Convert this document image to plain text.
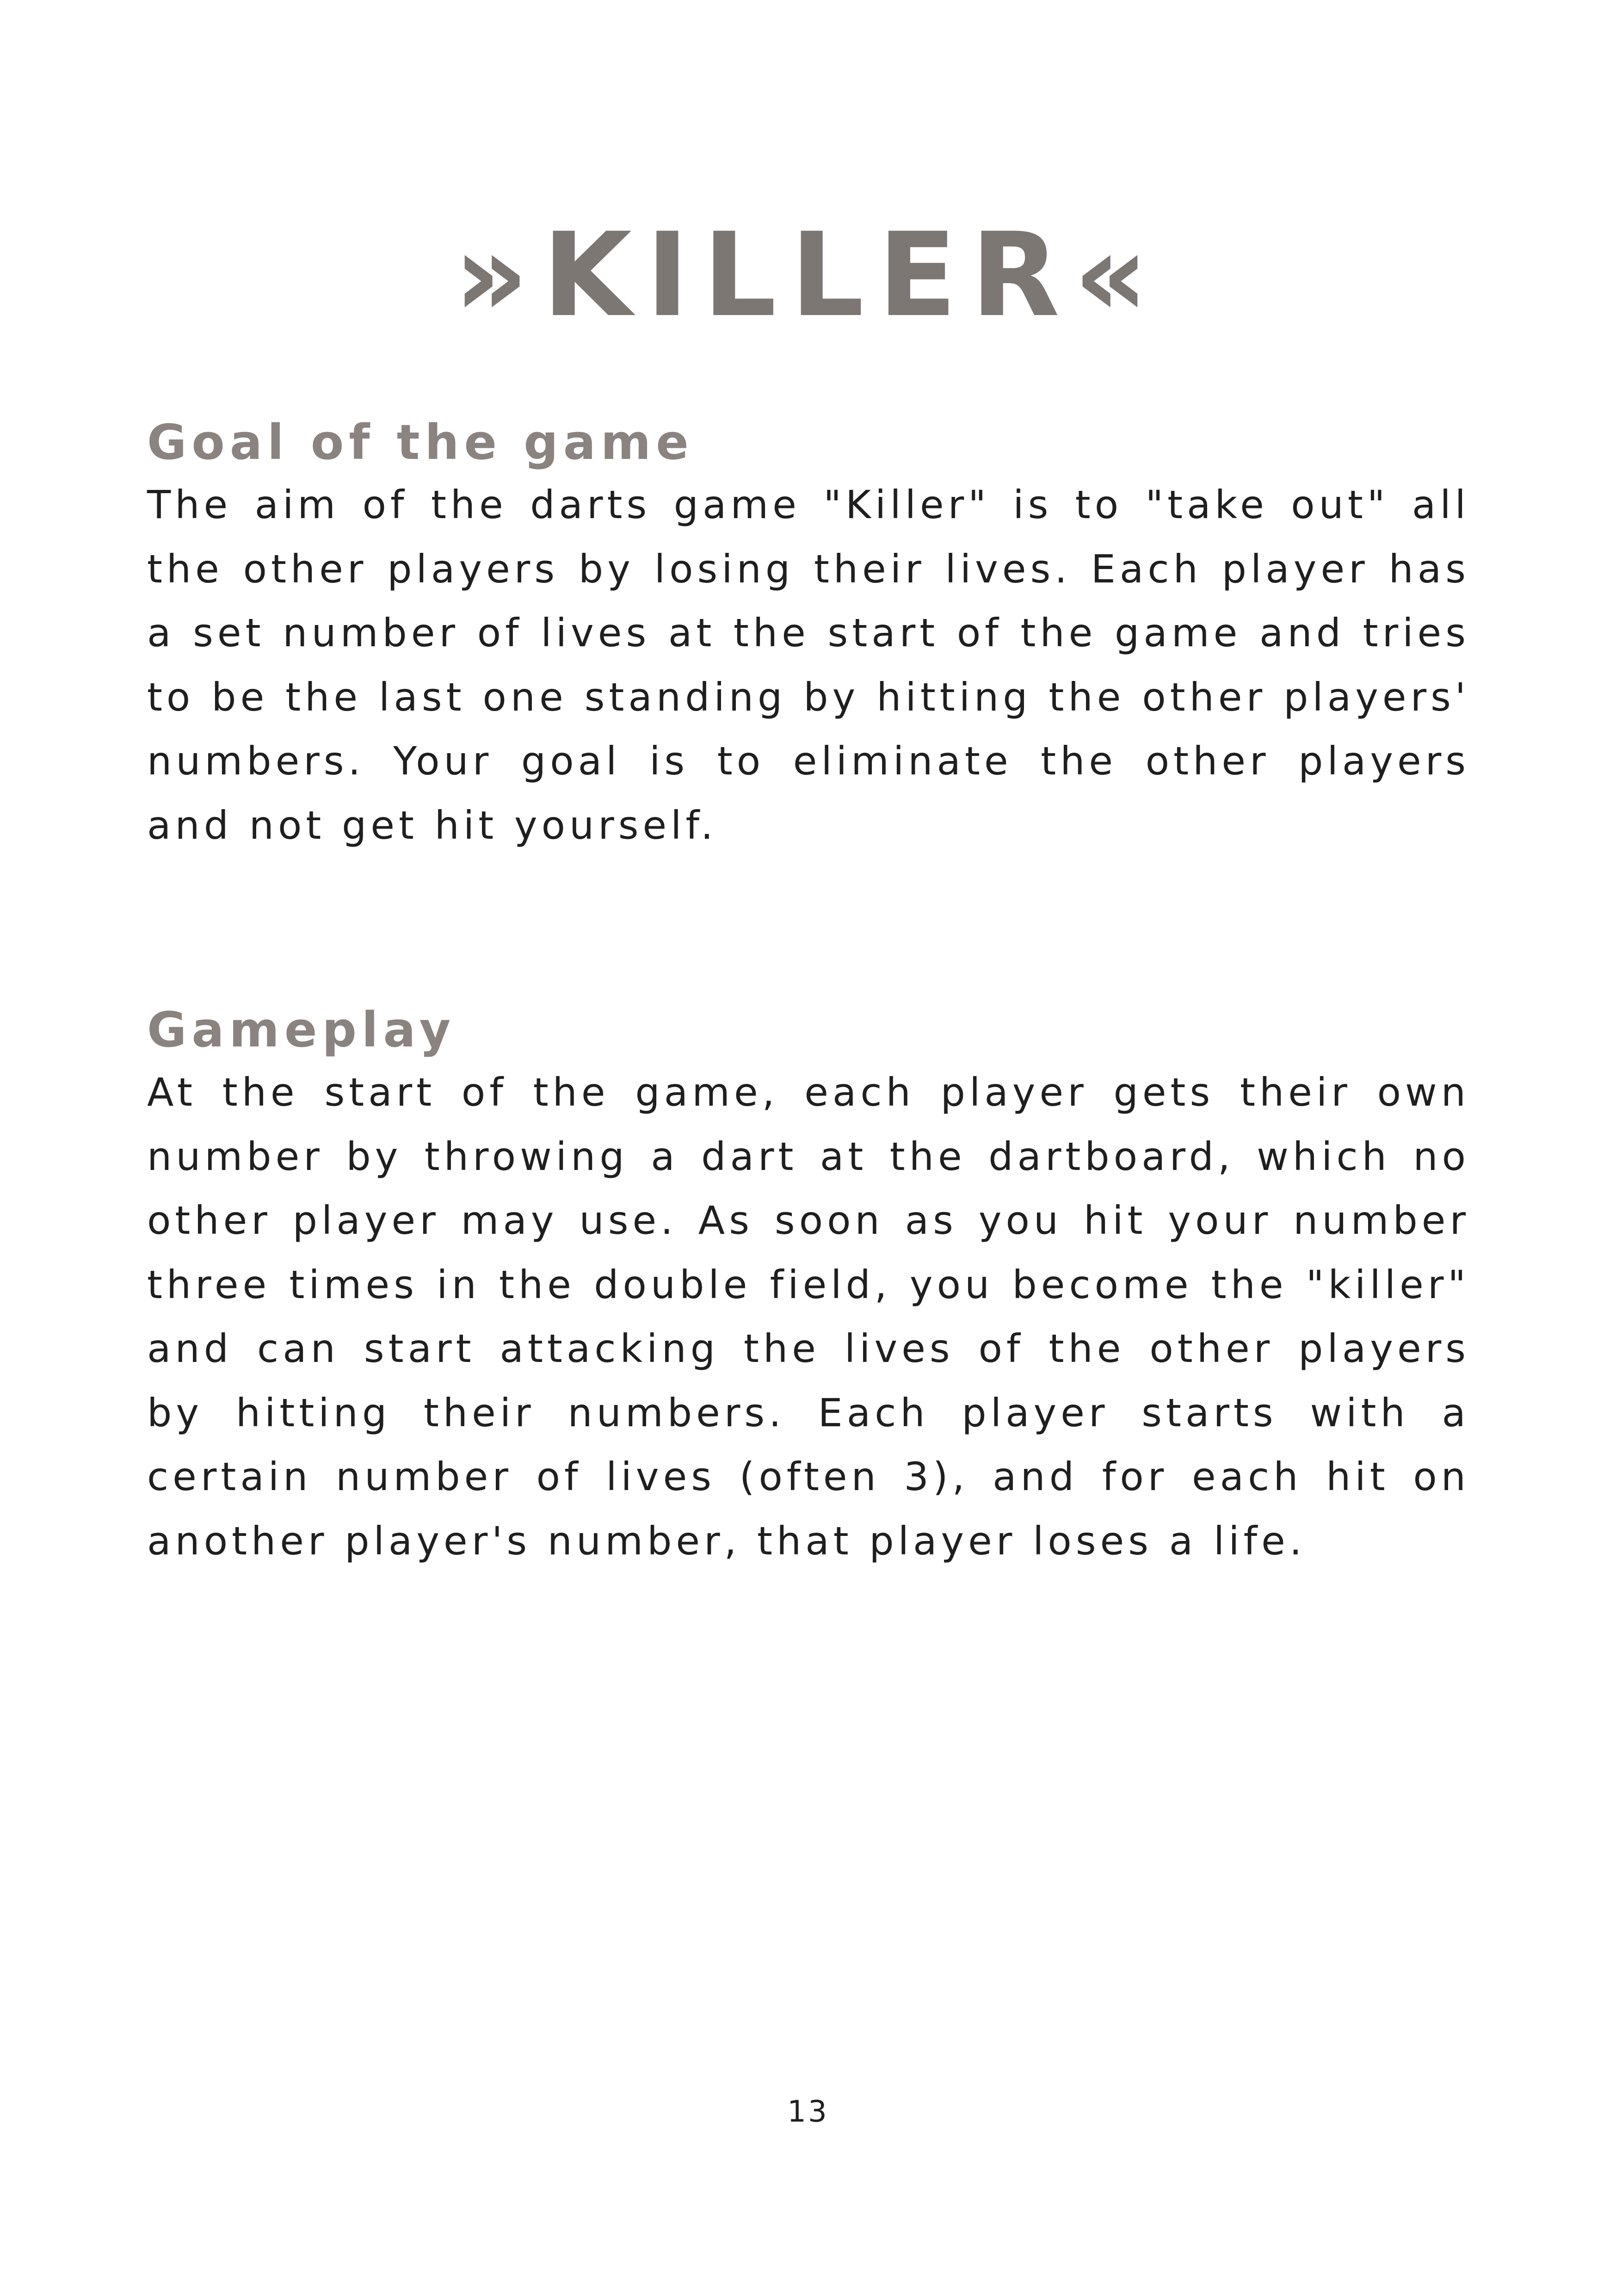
»KILLER«
Goal of the game

The aim of the darts game "Killer" is to "take out" all the other players by losing their lives. Each player has a set number of lives at the start of the game and tries to be the last one standing by hitting the other players' numbers. Your goal is to eliminate the other players and not get hit yourself.

Gameplay

At the start of the game, each player gets their own number by throwing a dart at the dartboard, which no other player may use. As soon as you hit your number three times in the double field, you become the "killer" and can start attacking the lives of the other players by hitting their numbers. Each player starts with a certain number of lives (often 3), and for each hit on another player's number, that player loses a life.

13
